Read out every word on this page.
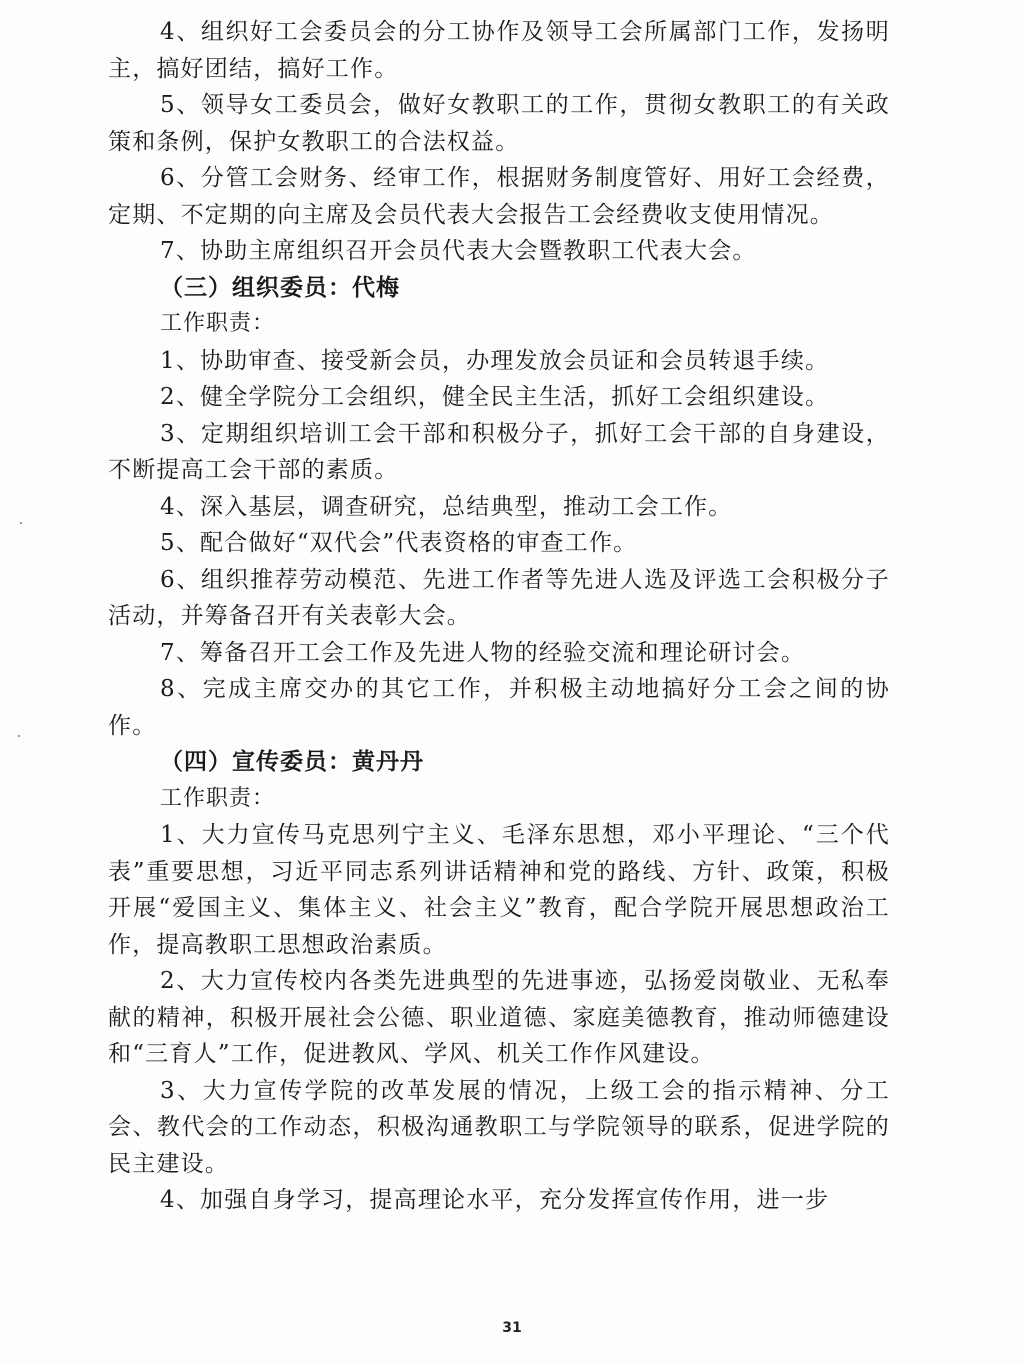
4、组织好工会委员会的分工协作及领导工会所属部门工作，发扬明主，搞好团结，搞好工作。

5、领导女工委员会，做好女教职工的工作，贯彻女教职工的有关政策和条例，保护女教职工的合法权益。

6、分管工会财务、经审工作，根据财务制度管好、用好工会经费，定期、不定期的向主席及会员代表大会报告工会经费收支使用情况。

7、协助主席组织召开会员代表大会暨教职工代表大会。

（三）组织委员：代梅

工作职责：

1、协助审查、接受新会员，办理发放会员证和会员转退手续。

2、健全学院分工会组织，健全民主生活，抓好工会组织建设。

3、定期组织培训工会干部和积极分子，抓好工会干部的自身建设，不断提高工会干部的素质。

4、深入基层，调查研究，总结典型，推动工会工作。

5、配合做好“双代会”代表资格的审查工作。

6、组织推荐劳动模范、先进工作者等先进人选及评选工会积极分子活动，并筹备召开有关表彰大会。

7、筹备召开工会工作及先进人物的经验交流和理论研讨会。

8、完成主席交办的其它工作，并积极主动地搞好分工会之间的协作。

（四）宣传委员：黄丹丹

工作职责：

1、大力宣传马克思列宁主义、毛泽东思想，邓小平理论、“三个代表”重要思想，习近平同志系列讲话精神和党的路线、方针、政策，积极开展“爱国主义、集体主义、社会主义”教育，配合学院开展思想政治工作，提高教职工思想政治素质。

2、大力宣传校内各类先进典型的先进事迹，弘扬爱岗敬业、无私奉献的精神，积极开展社会公德、职业道德、家庭美德教育，推动师德建设和“三育人”工作，促进教风、学风、机关工作作风建设。

3、大力宣传学院的改革发展的情况，上级工会的指示精神、分工会、教代会的工作动态，积极沟通教职工与学院领导的联系，促进学院的民主建设。

4、加强自身学习，提高理论水平，充分发挥宣传作用，进一步

31
